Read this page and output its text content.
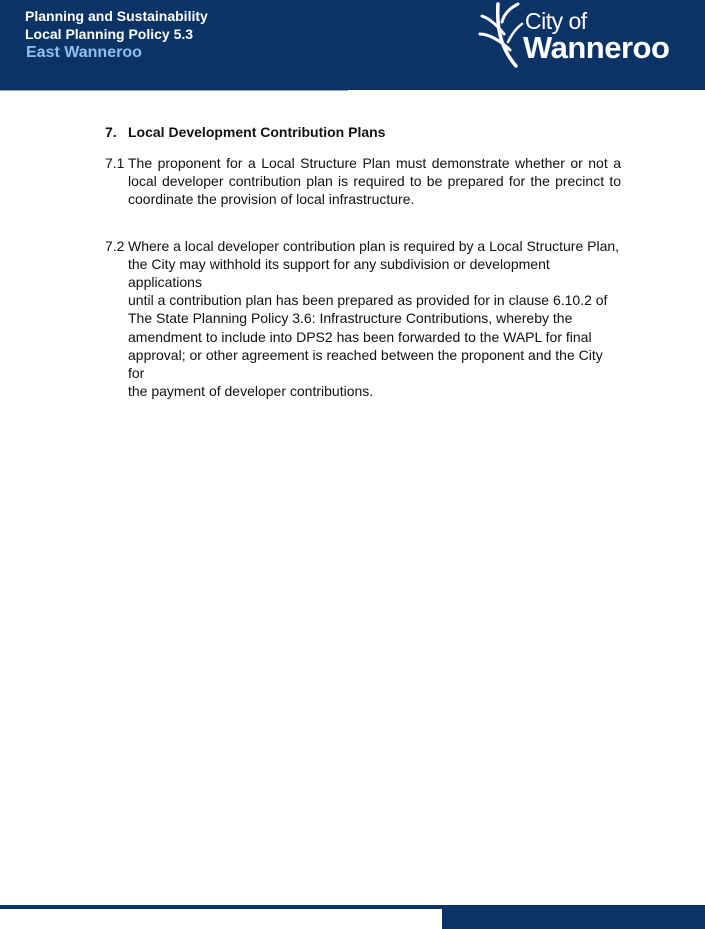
Planning and Sustainability
Local Planning Policy 5.3
East Wanneroo
City of
Wanneroo
7. Local Development Contribution Plans
7.1 The proponent for a Local Structure Plan must demonstrate whether or not a local developer contribution plan is required to be prepared for the precinct to coordinate the provision of local infrastructure.
7.2 Where a local developer contribution plan is required by a Local Structure Plan,
the City may withhold its support for any subdivision or development applications
until a contribution plan has been prepared as provided for in clause 6.10.2 of
The State Planning Policy 3.6: Infrastructure Contributions, whereby the
amendment to include into DPS2 has been forwarded to the WAPL for final
approval; or other agreement is reached between the proponent and the City for
the payment of developer contributions.
